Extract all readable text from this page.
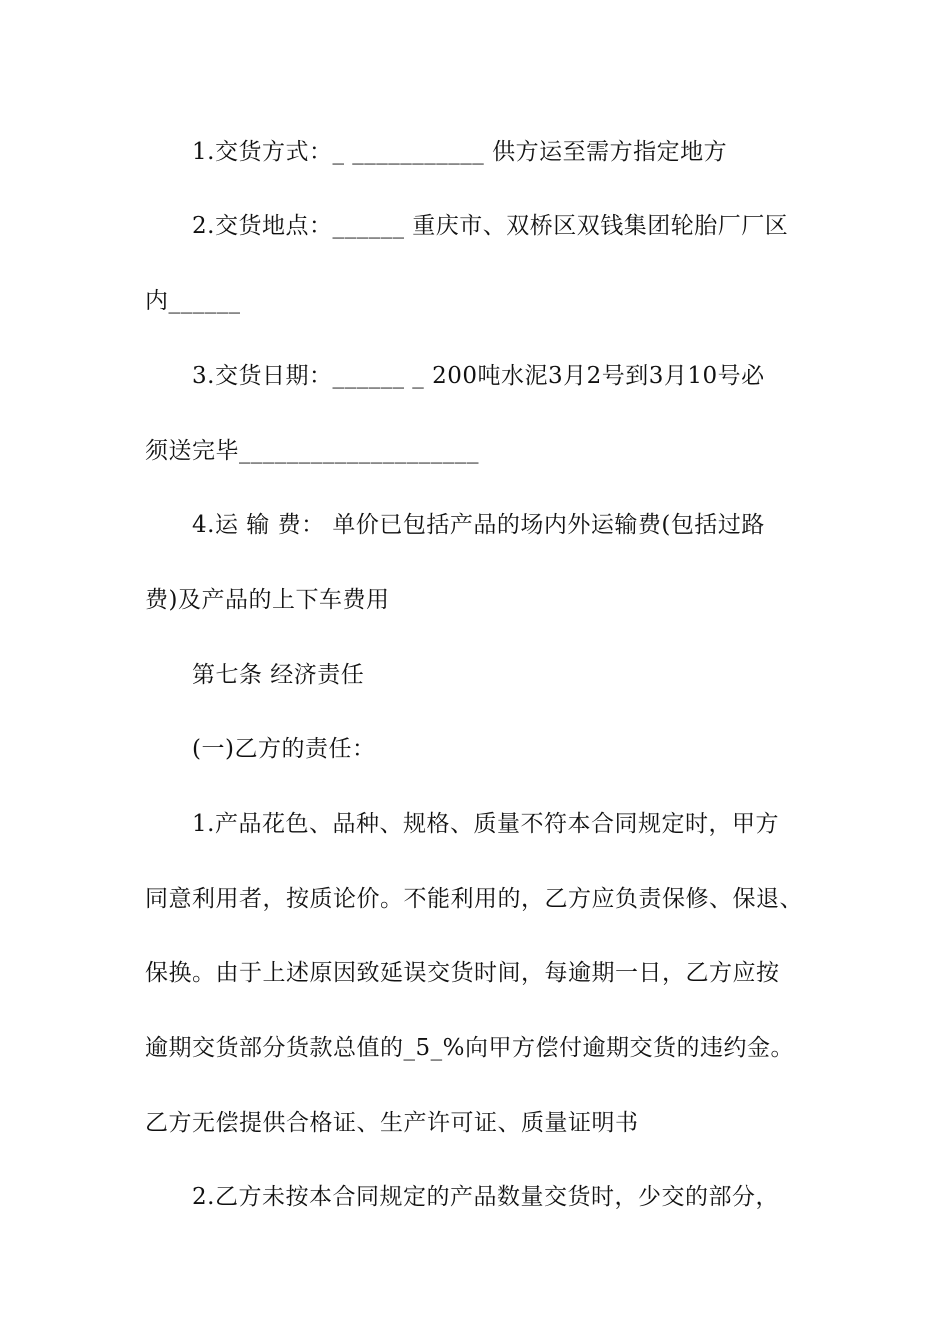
1.交货方式：_ ___________ 供方运至需方指定地方
2.交货地点：______ 重庆市、双桥区双钱集团轮胎厂厂区
内______
3.交货日期：______ _ 200吨水泥3月2号到3月10号必
须送完毕____________________
4.运 输 费： 单价已包括产品的场内外运输费(包括过路
费)及产品的上下车费用
第七条 经济责任
(一)乙方的责任：
1.产品花色、品种、规格、质量不符本合同规定时，甲方
同意利用者，按质论价。不能利用的，乙方应负责保修、保退、
保换。由于上述原因致延误交货时间，每逾期一日，乙方应按
逾期交货部分货款总值的_5_%向甲方偿付逾期交货的违约金。
乙方无偿提供合格证、生产许可证、质量证明书
2.乙方未按本合同规定的产品数量交货时，少交的部分，
